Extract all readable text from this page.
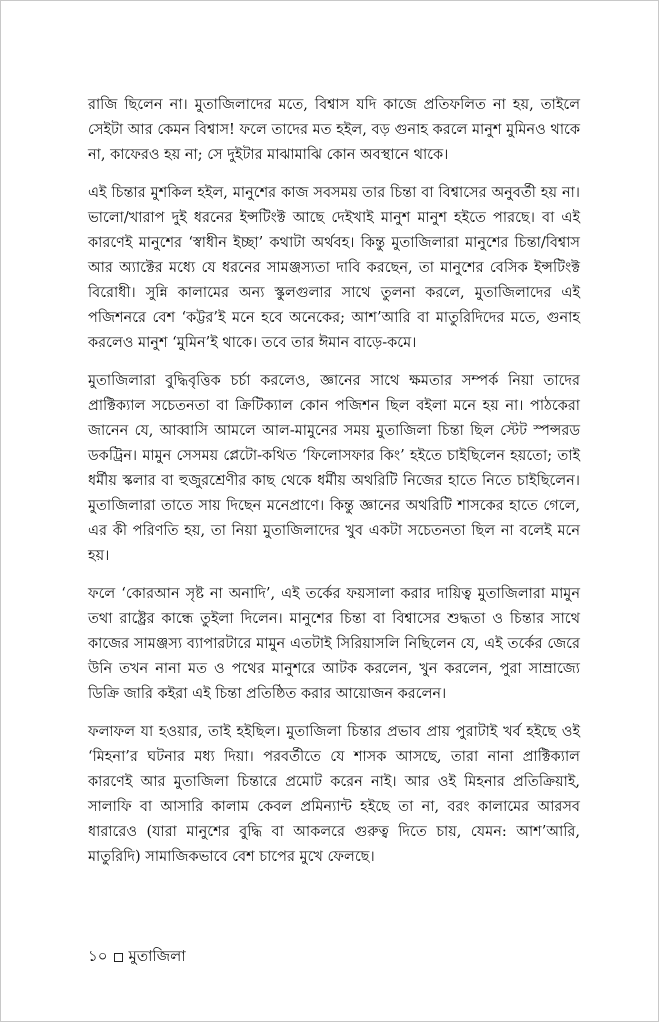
রাজি ছিলেন না। মুতাজিলাদের মতে, বিশ্বাস যদি কাজে প্রতিফলিত না হয়, তাইলে সেইটা আর কেমন বিশ্বাস! ফলে তাদের মত হইল, বড় গুনাহ করলে মানুশ মুমিনও থাকে না, কাফেরও হয় না; সে দুইটার মাঝামাঝি কোন অবস্থানে থাকে।

এই চিন্তার মুশকিল হইল, মানুশের কাজ সবসময় তার চিন্তা বা বিশ্বাসের অনুবর্তী হয় না। ভালো/খারাপ দুই ধরনের ইন্সটিংক্ট আছে দেইখাই মানুশ মানুশ হইতে পারছে। বা এই কারণেই মানুশের ‘স্বাধীন ইচ্ছা’ কথাটা অর্থবহ। কিন্তু মুতাজিলারা মানুশের চিন্তা/বিশ্বাস আর অ্যাক্টের মধ্যে যে ধরনের সামঞ্জস্যতা দাবি করছেন, তা মানুশের বেসিক ইন্সটিংক্ট বিরোধী। সুন্নি কালামের অন্য স্কুলগুলার সাথে তুলনা করলে, মুতাজিলাদের এই পজিশনরে বেশ ‘কট্টর’ই মনে হবে অনেকের; আশ’আরি বা মাতুরিদিদের মতে, গুনাহ করলেও মানুশ ‘মুমিন’ই থাকে। তবে তার ঈমান বাড়ে-কমে।

মুতাজিলারা বুদ্ধিবৃত্তিক চর্চা করলেও, জ্ঞানের সাথে ক্ষমতার সম্পর্ক নিয়া তাদের প্রাক্টিক্যাল সচেতনতা বা ক্রিটিক্যাল কোন পজিশন ছিল বইলা মনে হয় না। পাঠকেরা জানেন যে, আব্বাসি আমলে আল-মামুনের সময় মুতাজিলা চিন্তা ছিল স্টেট স্পন্সরড ডকট্রিন। মামুন সেসময় প্লেটো-কথিত ‘ফিলোসফার কিং’ হইতে চাইছিলেন হয়তো; তাই ধর্মীয় স্কলার বা হুজুরশ্রেণীর কাছ থেকে ধর্মীয় অথরিটি নিজের হাতে নিতে চাইছিলেন। মুতাজিলারা তাতে সায় দিছেন মনেপ্রাণে। কিন্তু জ্ঞানের অথরিটি শাসকের হাতে গেলে, এর কী পরিণতি হয়, তা নিয়া মুতাজিলাদের খুব একটা সচেতনতা ছিল না বলেই মনে হয়।

ফলে ‘কোরআন সৃষ্ট না অনাদি’, এই তর্কের ফয়সালা করার দায়িত্ব মুতাজিলারা মামুন তথা রাষ্ট্রের কান্ধে তুইলা দিলেন। মানুশের চিন্তা বা বিশ্বাসের শুদ্ধতা ও চিন্তার সাথে কাজের সামঞ্জস্য ব্যাপারটারে মামুন এতটাই সিরিয়াসলি নিছিলেন যে, এই তর্কের জেরে উনি তখন নানা মত ও পথের মানুশরে আটক করলেন, খুন করলেন, পুরা সাম্রাজ্যে ডিক্রি জারি কইরা এই চিন্তা প্রতিষ্ঠিত করার আয়োজন করলেন।

ফলাফল যা হওয়ার, তাই হইছিল। মুতাজিলা চিন্তার প্রভাব প্রায় পুরাটাই খর্ব হইছে ওই ‘মিহনা’র ঘটনার মধ্য দিয়া। পরবর্তীতে যে শাসক আসছে, তারা নানা প্রাক্টিক্যাল কারণেই আর মুতাজিলা চিন্তারে প্রমোট করেন নাই। আর ওই মিহনার প্রতিক্রিয়াই, সালাফি বা আসারি কালাম কেবল প্রমিন্যান্ট হইছে তা না, বরং কালামের আরসব ধারারেও (যারা মানুশের বুদ্ধি বা আকলরে গুরুত্ব দিতে চায়, যেমন: আশ’আরি, মাতুরিদি) সামাজিকভাবে বেশ চাপের মুখে ফেলছে।

১০ মুতাজিলা
